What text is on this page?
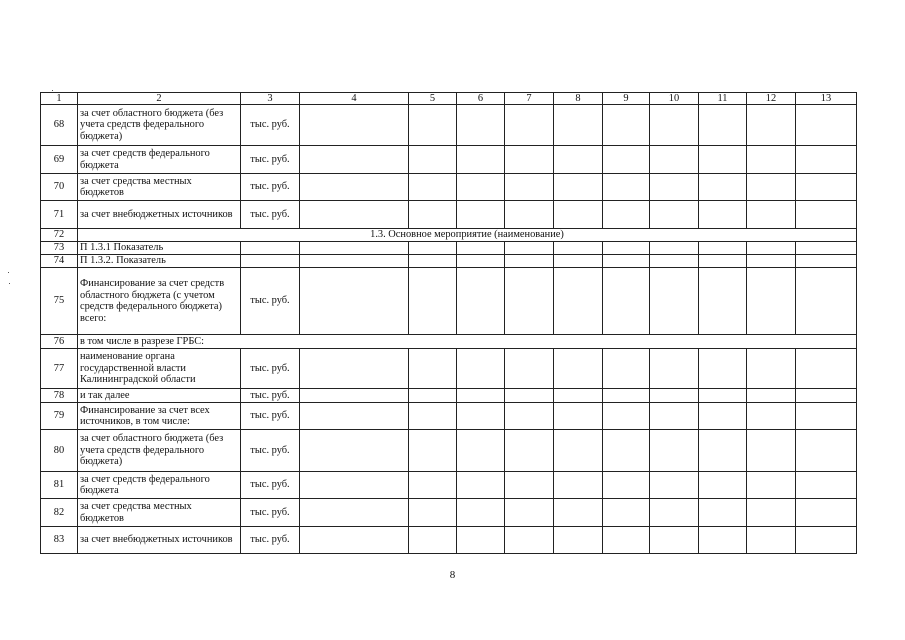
1	2	3	4	5	6	7	8	9	10	11	12	13
68	за счет областного бюджета (без учета средств федерального бюджета)	тыс. руб.										
69	за счет средств федерального бюджета	тыс. руб.										
70	за счет средства местных бюджетов	тыс. руб.										
71	за счет внебюджетных источников	тыс. руб.										
72	1.3. Основное мероприятие (наименование)											
73	П 1.3.1 Показатель											
74	П 1.3.2. Показатель											
75	Финансирование за счет средств областного бюджета (с учетом средств федерального бюджета) всего:	тыс. руб.										
76	в том числе в разрезе ГРБС:											
77	наименование органа государственной власти Калининградской области	тыс. руб.										
78	и так далее	тыс. руб.										
79	Финансирование за счет всех источников, в том числе:	тыс. руб.										
80	за счет областного бюджета (без учета средств федерального бюджета)	тыс. руб.										
81	за счет средств федерального бюджета	тыс. руб.										
82	за счет средства местных бюджетов	тыс. руб.										
83	за счет внебюджетных источников	тыс. руб.										
8
